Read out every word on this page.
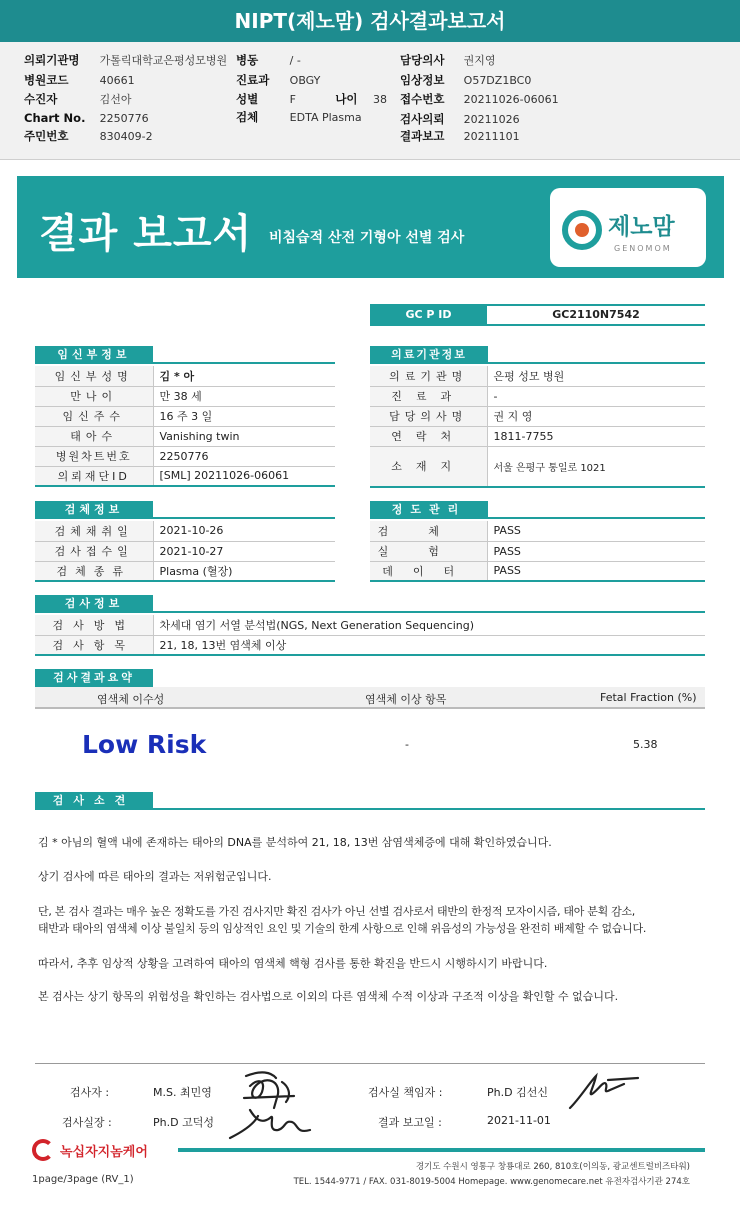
NIPT(제노맘) 검사결과보고서
의뢰기관명 가톨릭대학교은평성모병원 병동	/ -	담당의사 권지영
병원코드	40661	진료과 OBGY	임상정보 O57DZ1BC0
수진자	김선아	성별	F	나이 38 접수번호 20211026-06061
Chart No. 2250776	검체	EDTA Plasma	검사의뢰 20211026
주민번호	830409-2	결과보고 20211101
결과 보고서 비침습적 산전 기형아 선별 검사	제노맘
GENOMOM
GC P ID	GC2110N7542
임신부정보
임신부성명	김 * 아
만나이	만 38 세
임신주수	16 주 3 일
태아수	Vanishing twin
병원차트번호	2250776
의뢰재단ID	[SML] 20211026-06061
의료기관정보
의료기관명	은평 성모 병원
진료과	-
담당의사명	권 지 영
연락처	1811-7755
소재지	서울 은평구 통일로 1021
검체정보
검체채취일	2021-10-26
검사접수일	2021-10-27
검체종류	Plasma (혈장)
정도관리
검체	PASS
실험	PASS
데이터	PASS
검사정보
검사방법	차세대 염기 서열 분석법(NGS, Next Generation Sequencing)
검사항목	21, 18, 13번 염색체 이상
검사결과요약
염색체 이수성	염색체 이상 항목	Fetal Fraction (%)
Low Risk	-	5.38
검사소견
김 * 아님의 혈액 내에 존재하는 태아의 DNA를 분석하여 21, 18, 13번 삼염색체증에 대해 확인하였습니다.
상기 검사에 따른 태아의 결과는 저위험군입니다.
단, 본 검사 결과는 매우 높은 정확도를 가진 검사지만 확진 검사가 아닌 선별 검사로서 태반의 한정적 모자이시즘, 태아 분획 감소,
태반과 태아의 염색체 이상 불일치 등의 임상적인 요인 및 기술의 한계 사항으로 인해 위음성의 가능성을 완전히 배제할 수 없습니다.
따라서, 추후 임상적 상황을 고려하여 태아의 염색체 핵형 검사를 통한 확진을 반드시 시행하시기 바랍니다.
본 검사는 상기 항목의 위험성을 확인하는 검사법으로 이외의 다른 염색체 수적 이상과 구조적 이상을 확인할 수 없습니다.
검사자 :	M.S. 최민영	검사실 책임자 :	Ph.D 김선신
검사실장 :	Ph.D 고덕성	결과 보고일 :	2021-11-01
녹십자지놈케어
경기도 수원시 영통구 창룡대로 260, 810호(이의동, 광교센트럴비즈타워)
TEL. 1544-9771 / FAX. 031-8019-5004 Homepage. www.genomecare.net 유전자검사기관 274호
1page/3page (RV_1)
